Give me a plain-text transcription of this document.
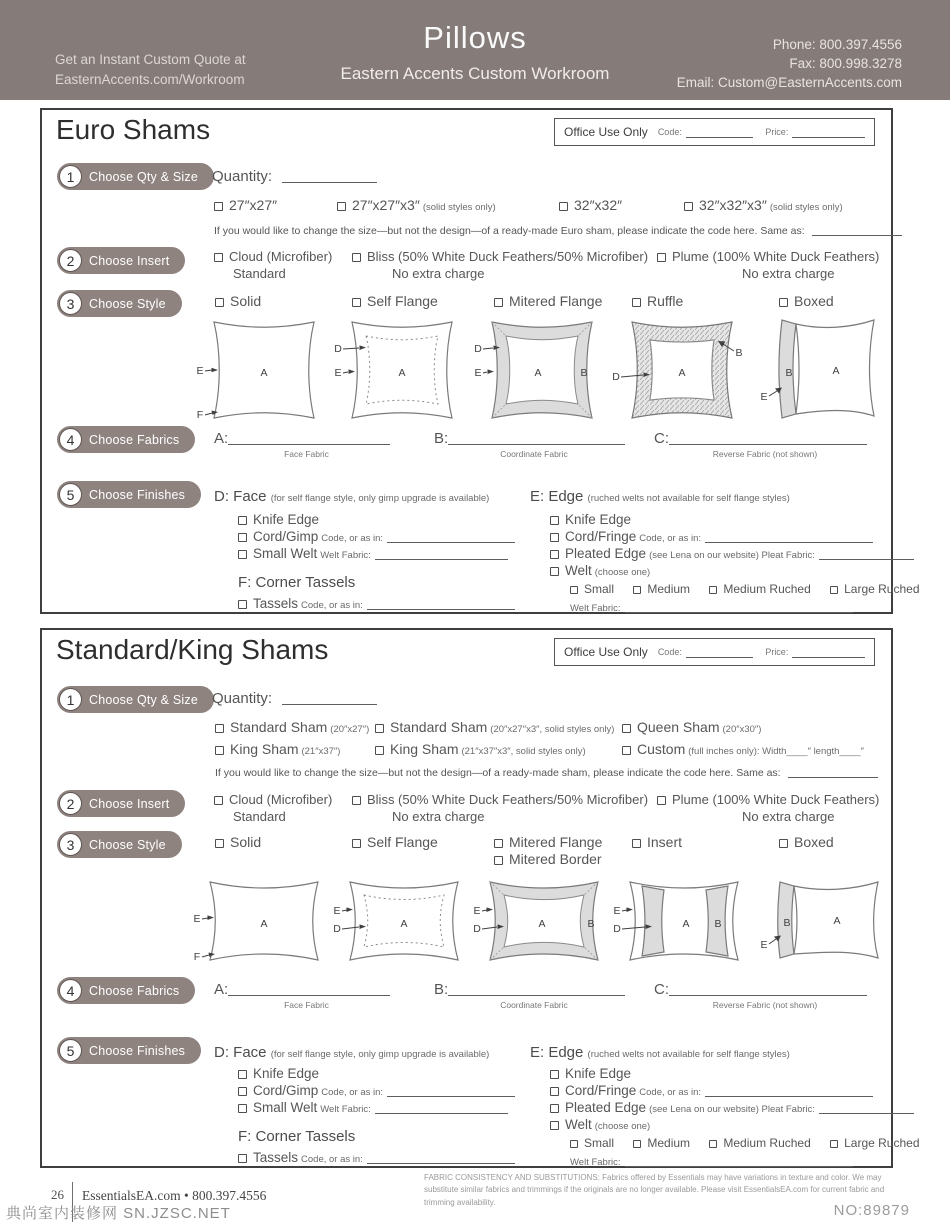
Get an Instant Custom Quote at
EasternAccents.com/Workroom
Pillows
Eastern Accents Custom Workroom
Phone: 800.397.4556
Fax: 800.998.3278
Email: Custom@EasternAccents.com
Euro Shams	Office Use Only Code:	Price:
1	Choose Qty & Size Quantity:
27″x27″	27″x27″x3″ (solid styles only)	32″x32″	32″x32″x3″ (solid styles only)
If you would like to change the size—but not the design—of a ready-made Euro sham, please indicate the code here. Same as:
2	Choose Insert	Cloud (Microfiber)
Standard
Bliss (50% White Duck Feathers/50% Microfiber)
No extra charge
Plume (100% White Duck Feathers)
No extra charge
3	Choose Style	Solid	Self Flange	Mitered Flange	Ruffle	Boxed
A
E
F
A
D
E	A	B
D
E	A
B
D	B	A
E
4	Choose Fabrics A:
Face Fabric
B:
Coordinate Fabric
C:
Reverse Fabric (not shown)
5	Choose Finishes D: Face (for self flange style, only gimp upgrade is available)
Knife Edge
Cord/Gimp Code, or as in:
Small Welt Welt Fabric:
F: Corner Tassels
Tassels Code, or as in:
E: Edge (ruched welts not available for self flange styles)
Knife Edge
Cord/Fringe Code, or as in:
Pleated Edge (see Lena on our website) Pleat Fabric:
Welt (choose one)
Small	Medium	Medium Ruched	Large Ruched
Welt Fabric:
Standard/King Shams	Office Use Only Code:	Price:
1	Choose Qty & Size Quantity:
Standard Sham (20″x27″)	Standard Sham (20″x27″x3″, solid styles only)	Queen Sham (20″x30″)
King Sham (21″x37″)	King Sham (21″x37″x3″, solid styles only)	Custom (full inches only): Width____″ length____″
If you would like to change the size—but not the design—of a ready-made sham, please indicate the code here. Same as:
2	Choose Insert	Cloud (Microfiber)
Standard
Bliss (50% White Duck Feathers/50% Microfiber)
No extra charge
Plume (100% White Duck Feathers)
No extra charge
3	Choose Style	Solid	Self Flange	Mitered Flange
Mitered Border
Insert	Boxed
A
E
F
A
E
D	A	B
E
D	A B
E
D	B	A
E
4	Choose Fabrics A:
Face Fabric
B:
Coordinate Fabric
C:
Reverse Fabric (not shown)
5	Choose Finishes D: Face (for self flange style, only gimp upgrade is available)
Knife Edge
Cord/Gimp Code, or as in:
Small Welt Welt Fabric:
F: Corner Tassels
Tassels Code, or as in:
E: Edge (ruched welts not available for self flange styles)
Knife Edge
Cord/Fringe Code, or as in:
Pleated Edge (see Lena on our website) Pleat Fabric:
Welt (choose one)
Small	Medium	Medium Ruched	Large Ruched
Welt Fabric:
26 EssentialsEA.com • 800.397.4556
FABRIC CONSISTENCY AND SUBSTITUTIONS: Fabrics offered by Essentials may have variations in texture and color. We may substitute similar fabrics and trimmings if the originals are no longer available. Please visit EssentialsEA.com for current fabric and trimming availability.
典尚室内装修网 SN.JZSC.NET	NO:89879
